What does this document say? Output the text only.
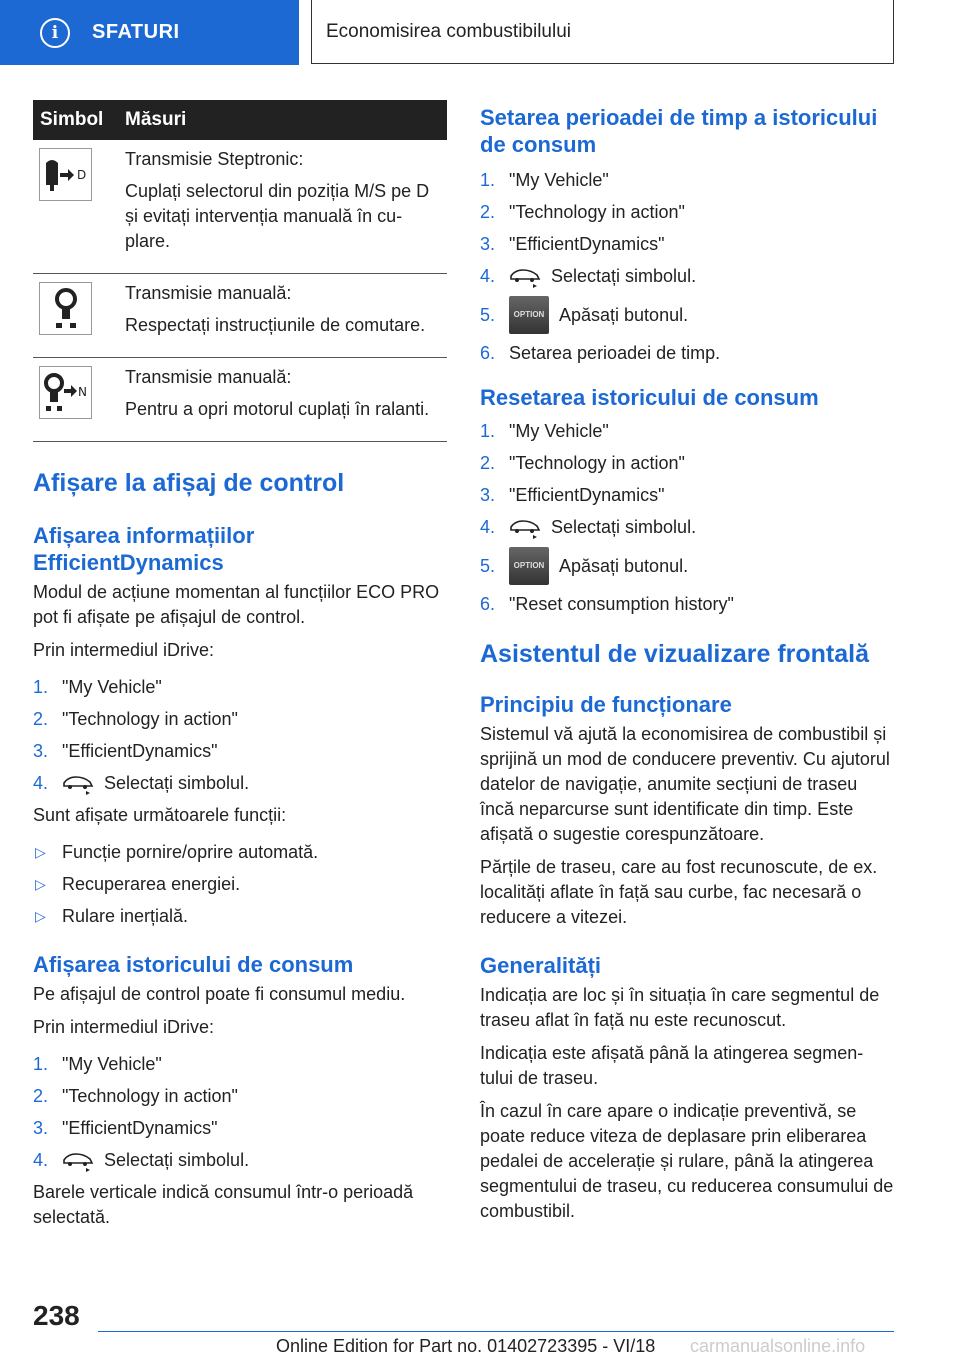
i	SFATURI	Economisirea combustibilului
Simbol	Măsuri

D	Transmisie Steptronic:

Cuplați selectorul din poziția M/S pe D și evitați intervenția manuală în cu-plare.

Transmisie manuală:

Respectați instrucțiunile de comutare.

N	Transmisie manuală:

Pentru a opri motorul cuplați în ralanti.

Afișare la afișaj de control
Afișarea informațiilor EfficientDynamics

Modul de acțiune momentan al funcțiilor ECO PRO pot fi afișate pe afișajul de control.

Prin intermediul iDrive:

1. "My Vehicle"
2. "Technology in action"
3. "EfficientDynamics"
4.	Selectați simbolul.

Sunt afișate următoarele funcții:

▷ Funcție pornire/oprire automată.
▷ Recuperarea energiei.
▷ Rulare inerțială.
Afișarea istoricului de consum

Pe afișajul de control poate fi consumul mediu.

Prin intermediul iDrive:

1. "My Vehicle"
2. "Technology in action"
3. "EfficientDynamics"
4.	Selectați simbolul.

Barele verticale indică consumul într-o perioadă selectată.

Setarea perioadei de timp a istoricului de consum
1. "My Vehicle"
2. "Technology in action"
3. "EfficientDynamics"
4.	Selectați simbolul.
5.	OPTION Apăsați butonul.
6. Setarea perioadei de timp.
Resetarea istoricului de consum
1. "My Vehicle"
2. "Technology in action"
3. "EfficientDynamics"
4.	Selectați simbolul.
5.	OPTION Apăsați butonul.
6. "Reset consumption history"
Asistentul de vizualizare frontală
Principiu de funcționare

Sistemul vă ajută la economisirea de combustibil și sprijină un mod de conducere preventiv. Cu ajutorul datelor de navigație, anumite secțiuni de traseu încă neparcurse sunt identificate din timp. Este afișată o sugestie corespunzătoare.

Părțile de traseu, care au fost recunoscute, de ex. localități aflate în față sau curbe, fac necesară o reducere a vitezei.

Generalități

Indicația are loc și în situația în care segmentul de traseu aflat în față nu este recunoscut.

Indicația este afișată până la atingerea segmen-tului de traseu.

În cazul în care apare o indicație preventivă, se poate reduce viteza de deplasare prin eliberarea pedalei de accelerație și rulare, până la atingerea segmentului de traseu, cu reducerea consumului de combustibil.

238
Online Edition for Part no. 01402723395 - VI/18 carmanualsonline.info
